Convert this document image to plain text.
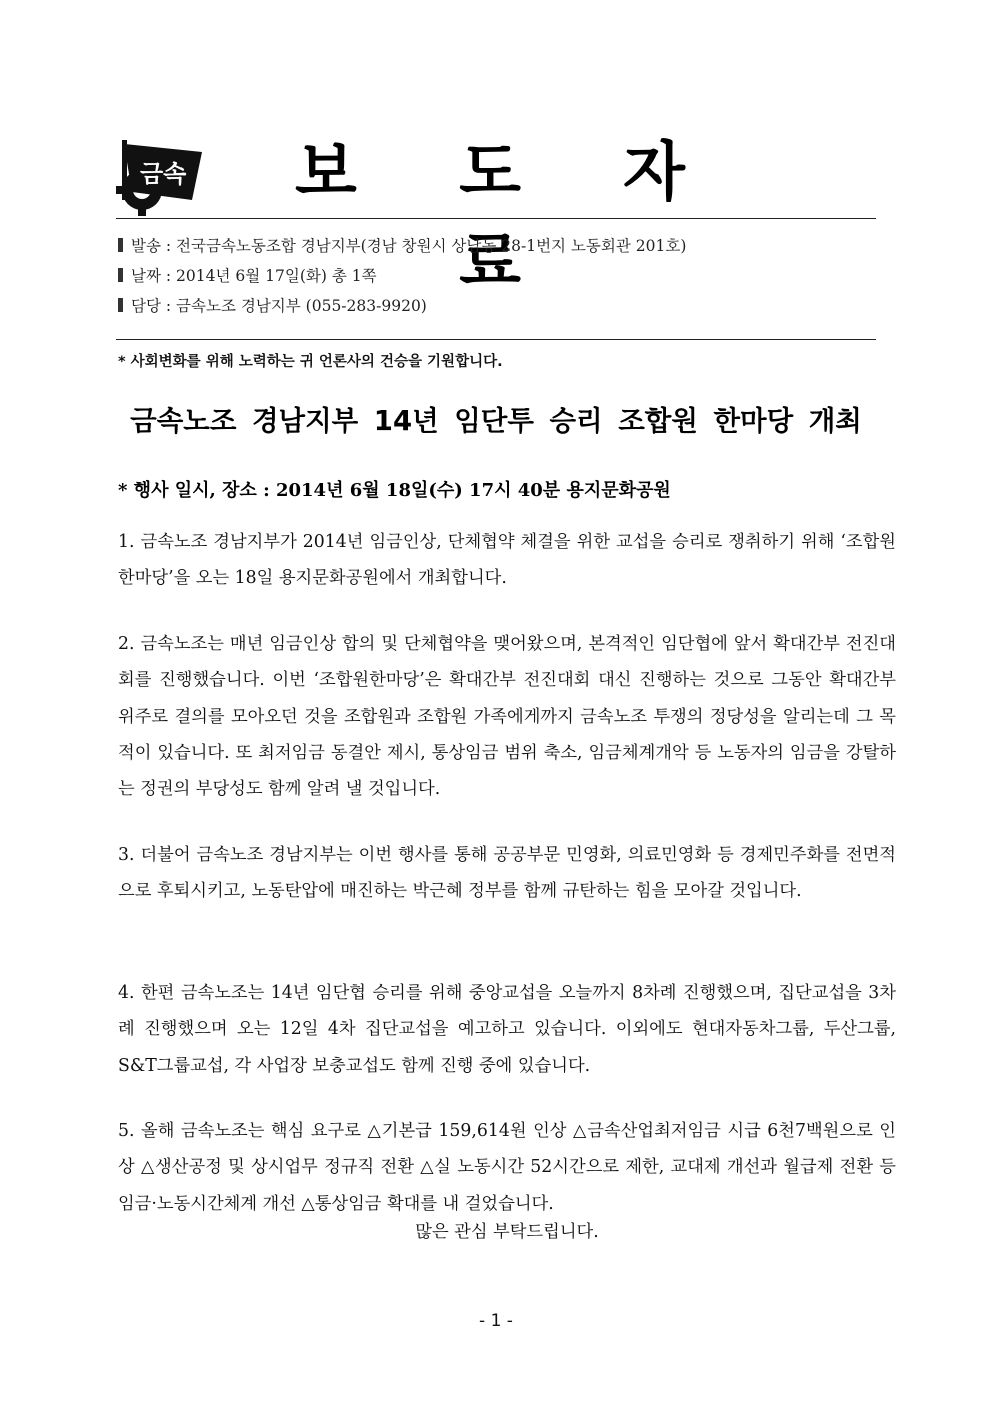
금속	보 도 자 료
발송 : 전국금속노동조합 경남지부(경남 창원시 상남동 28-1번지 노동회관 201호)
날짜 : 2014년 6월 17일(화) 총 1쪽
담당 : 금속노조 경남지부 (055-283-9920)
* 사회변화를 위해 노력하는 귀 언론사의 건승을 기원합니다.
금속노조 경남지부 14년 임단투 승리 조합원 한마당 개최
* 행사 일시, 장소 : 2014년 6월 18일(수) 17시 40분 용지문화공원

1. 금속노조 경남지부가 2014년 임금인상, 단체협약 체결을 위한 교섭을 승리로 쟁취하기 위해 ‘조합원한마당’을 오는 18일 용지문화공원에서 개최합니다.

2. 금속노조는 매년 임금인상 합의 및 단체협약을 맺어왔으며, 본격적인 임단협에 앞서 확대간부 전진대회를 진행했습니다. 이번 ‘조합원한마당’은 확대간부 전진대회 대신 진행하는 것으로 그동안 확대간부 위주로 결의를 모아오던 것을 조합원과 조합원 가족에게까지 금속노조 투쟁의 정당성을 알리는데 그 목적이 있습니다. 또 최저임금 동결안 제시, 통상임금 범위 축소, 임금체계개악 등 노동자의 임금을 강탈하는 정권의 부당성도 함께 알려 낼 것입니다.

3. 더불어 금속노조 경남지부는 이번 행사를 통해 공공부문 민영화, 의료민영화 등 경제민주화를 전면적으로 후퇴시키고, 노동탄압에 매진하는 박근혜 정부를 함께 규탄하는 힘을 모아갈 것입니다.

4. 한편 금속노조는 14년 임단협 승리를 위해 중앙교섭을 오늘까지 8차례 진행했으며, 집단교섭을 3차례 진행했으며 오는 12일 4차 집단교섭을 예고하고 있습니다. 이외에도 현대자동차그룹, 두산그룹, S&T그룹교섭, 각 사업장 보충교섭도 함께 진행 중에 있습니다.

5. 올해 금속노조는 핵심 요구로 △기본급 159,614원 인상 △금속산업최저임금 시급 6천7백원으로 인상 △생산공정 및 상시업무 정규직 전환 △실 노동시간 52시간으로 제한, 교대제 개선과 월급제 전환 등 임금·노동시간체계 개선 △통상임금 확대를 내 걸었습니다.

많은 관심 부탁드립니다.
- 1 -
